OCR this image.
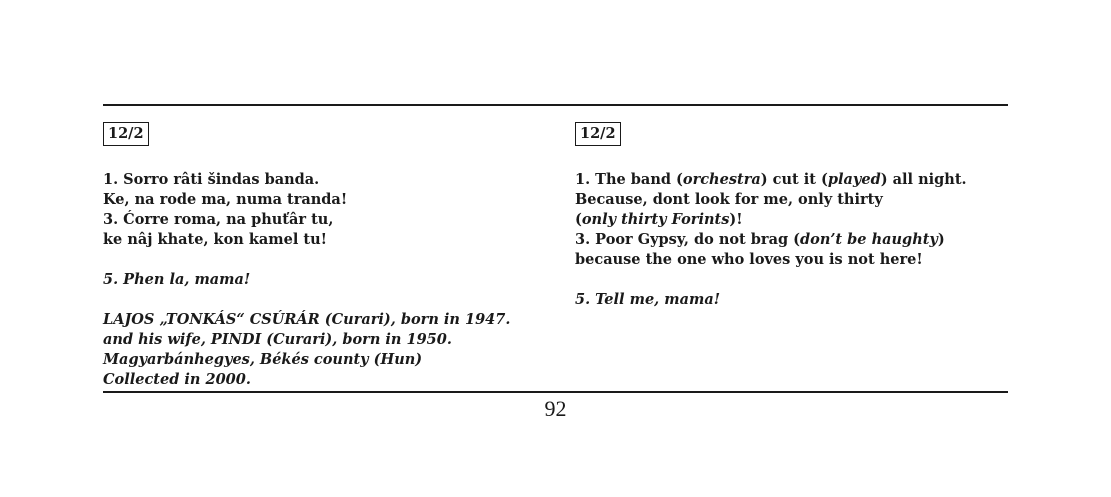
12/2
1. Sorro râti šindas banda.
Ke, na rode ma, numa tranda!
3. Ćorre roma, na phuťâr tu,
ke nâj khate, kon kamel tu!
5. Phen la, mama!
LAJOS „TONKÁS“ CSÚRÁR (Curari), born in 1947.
and his wife, PINDI (Curari), born in 1950.
Magyarbánhegyes, Békés county (Hun)
Collected in 2000.
12/2
1. The band (orchestra) cut it (played) all night.
Because, dont look for me, only thirty
(only thirty Forints)!
3. Poor Gypsy, do not brag (don’t be haughty)
because the one who loves you is not here!
5. Tell me, mama!
92
